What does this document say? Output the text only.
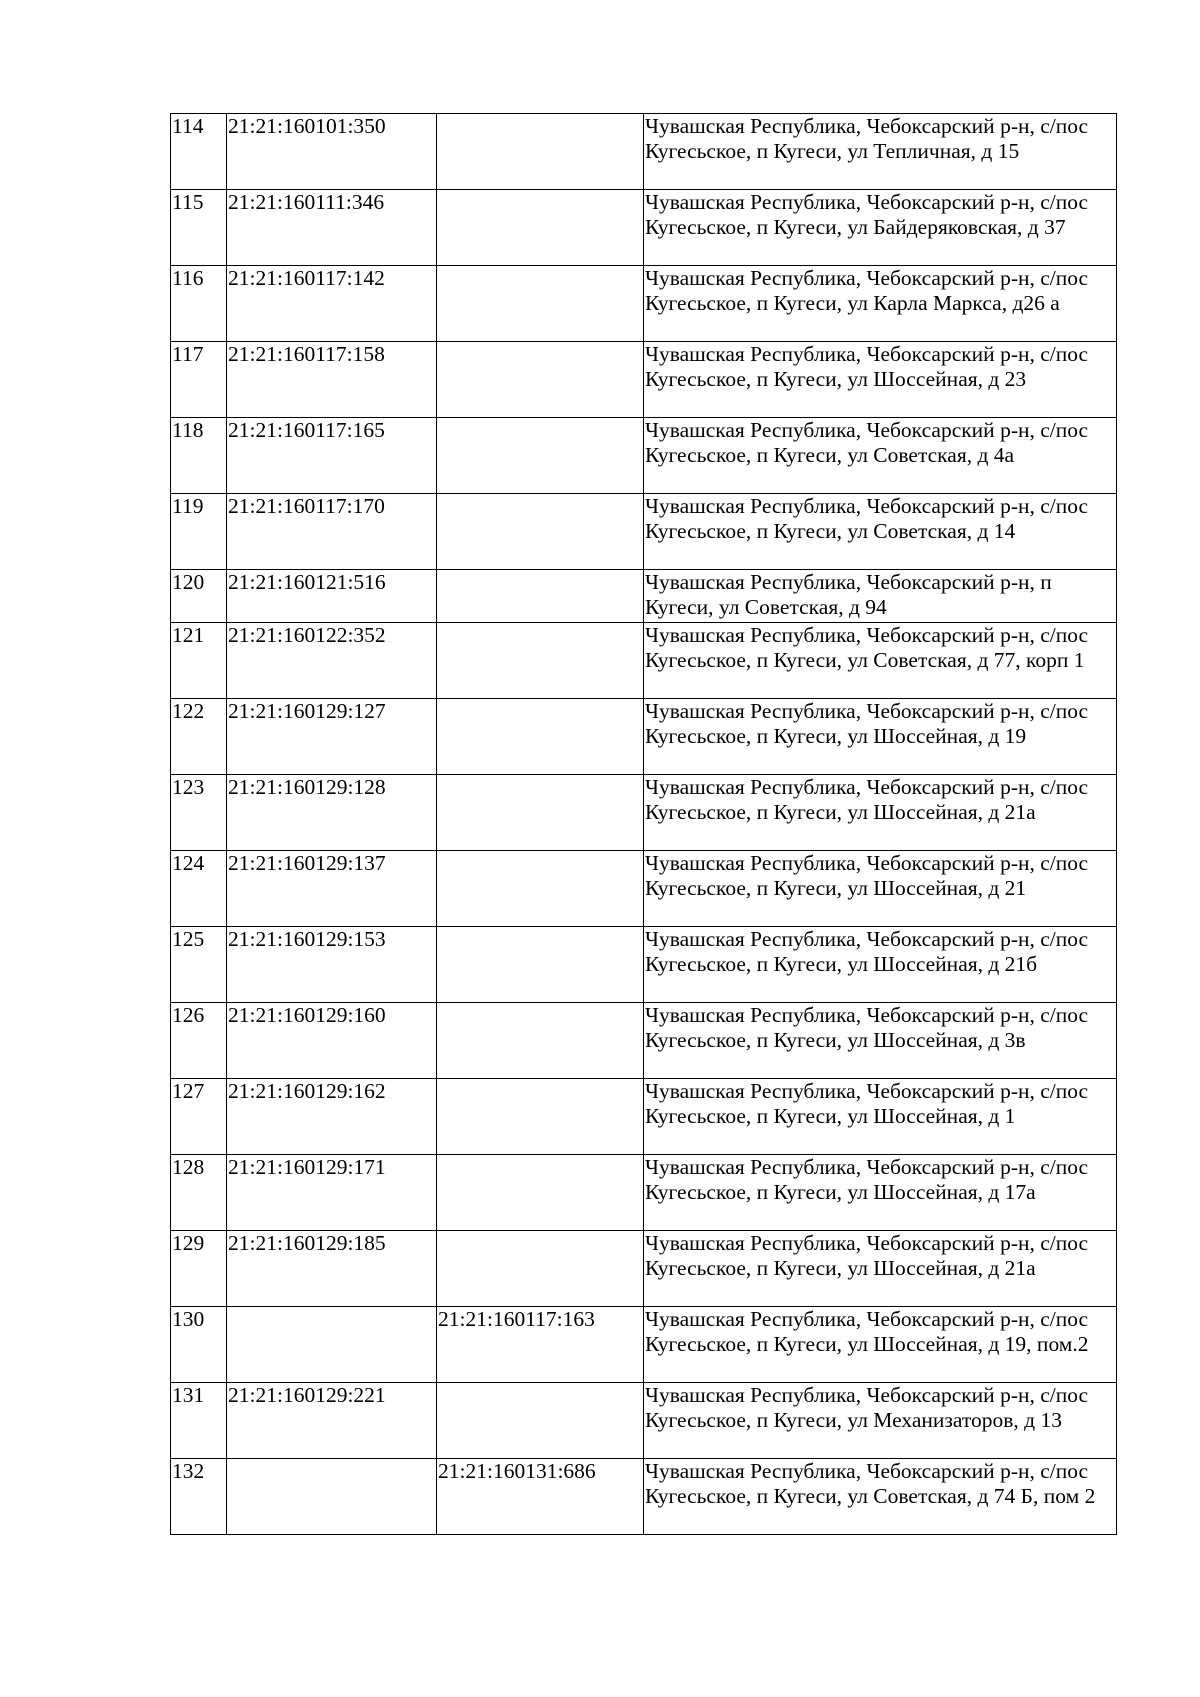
114	21:21:160101:350		Чувашская Республика, Чебоксарский р-н, с/пос Кугесьское, п Кугеси, ул Тепличная, д 15
115	21:21:160111:346		Чувашская Республика, Чебоксарский р-н, с/пос Кугесьское, п Кугеси, ул Байдеряковская, д 37
116	21:21:160117:142		Чувашская Республика, Чебоксарский р-н, с/пос Кугесьское, п Кугеси, ул Карла Маркса, д26 а
117	21:21:160117:158		Чувашская Республика, Чебоксарский р-н, с/пос Кугесьское, п Кугеси, ул Шоссейная, д 23
118	21:21:160117:165		Чувашская Республика, Чебоксарский р-н, с/пос Кугесьское, п Кугеси, ул Советская, д 4а
119	21:21:160117:170		Чувашская Республика, Чебоксарский р-н, с/пос Кугесьское, п Кугеси, ул Советская, д 14
120	21:21:160121:516		Чувашская Республика, Чебоксарский р-н, п Кугеси, ул Советская, д 94
121	21:21:160122:352		Чувашская Республика, Чебоксарский р-н, с/пос Кугесьское, п Кугеси, ул Советская, д 77, корп 1
122	21:21:160129:127		Чувашская Республика, Чебоксарский р-н, с/пос Кугесьское, п Кугеси, ул Шоссейная, д 19
123	21:21:160129:128		Чувашская Республика, Чебоксарский р-н, с/пос Кугесьское, п Кугеси, ул Шоссейная, д 21а
124	21:21:160129:137		Чувашская Республика, Чебоксарский р-н, с/пос Кугесьское, п Кугеси, ул Шоссейная, д 21
125	21:21:160129:153		Чувашская Республика, Чебоксарский р-н, с/пос Кугесьское, п Кугеси, ул Шоссейная, д 21б
126	21:21:160129:160		Чувашская Республика, Чебоксарский р-н, с/пос Кугесьское, п Кугеси, ул Шоссейная, д 3в
127	21:21:160129:162		Чувашская Республика, Чебоксарский р-н, с/пос Кугесьское, п Кугеси, ул Шоссейная, д 1
128	21:21:160129:171		Чувашская Республика, Чебоксарский р-н, с/пос Кугесьское, п Кугеси, ул Шоссейная, д 17а
129	21:21:160129:185		Чувашская Республика, Чебоксарский р-н, с/пос Кугесьское, п Кугеси, ул Шоссейная, д 21а
130		21:21:160117:163	Чувашская Республика, Чебоксарский р-н, с/пос Кугесьское, п Кугеси, ул Шоссейная, д 19, пом.2
131	21:21:160129:221		Чувашская Республика, Чебоксарский р-н, с/пос Кугесьское, п Кугеси, ул Механизаторов, д 13
132		21:21:160131:686	Чувашская Республика, Чебоксарский р-н, с/пос Кугесьское, п Кугеси, ул Советская, д 74 Б, пом 2
